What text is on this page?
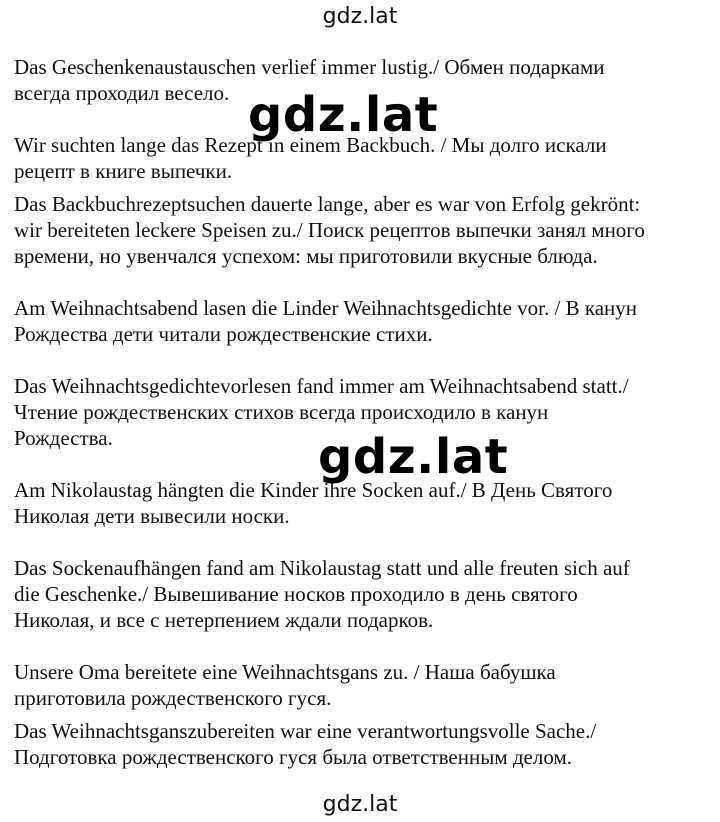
gdz.lat

Das Geschenkenaustauschen verlief immer lustig./ Обмен подарками
всегда проходил весело.

Wir suchten lange das Rezept in einem Backbuch. / Мы долго искали
рецепт в книге выпечки.

Das Backbuchrezeptsuchen dauerte lange, aber es war von Erfolg gekrönt:
wir bereiteten leckere Speisen zu./ Поиск рецептов выпечки занял много
времени, но увенчался успехом: мы приготовили вкусные блюда.

Am Weihnachtsabend lasen die Linder Weihnachtsgedichte vor. / В канун
Рождества дети читали рождественские стихи.

Das Weihnachtsgedichtevorlesen fand immer am Weihnachtsabend statt./
Чтение рождественских стихов всегда происходило в канун
Рождества.

Am Nikolaustag hängten die Kinder ihre Socken auf./ В День Святого
Николая дети вывесили носки.

Das Sockenaufhängen fand am Nikolaustag statt und alle freuten sich auf
die Geschenke./ Вывешивание носков проходило в день святого
Николая, и все с нетерпением ждали подарков.

Unsere Oma bereitete eine Weihnachtsgans zu. / Наша бабушка
приготовила рождественского гуся.

Das Weihnachtsganszubereiten war eine verantwortungsvolle Sache./
Подготовка рождественского гуся была ответственным делом.

gdz.lat
gdz.lat
gdz.lat
